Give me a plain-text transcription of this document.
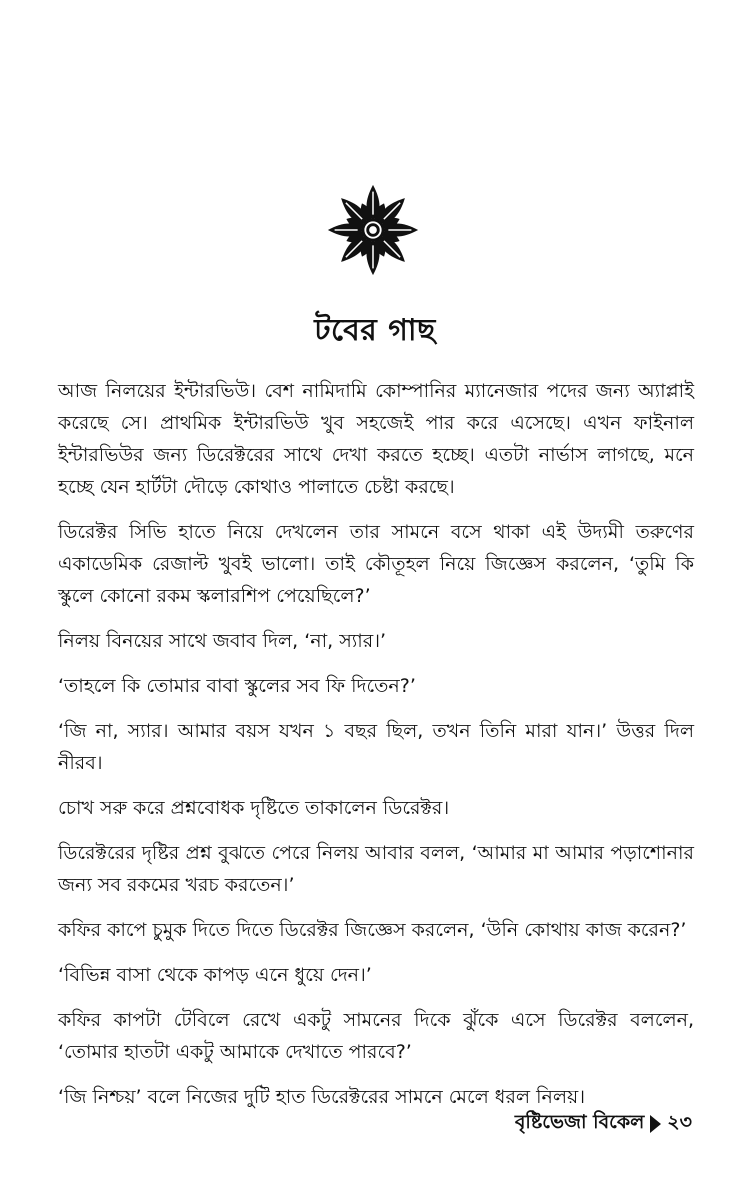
টবের গাছ

আজ নিলয়ের ইন্টারভিউ। বেশ নামিদামি কোম্পানির ম্যানেজার পদের জন্য অ্যাপ্লাই করেছে সে। প্রাথমিক ইন্টারভিউ খুব সহজেই পার করে এসেছে। এখন ফাইনাল ইন্টারভিউর জন্য ডিরেক্টরের সাথে দেখা করতে হচ্ছে। এতটা নার্ভাস লাগছে, মনে হচ্ছে যেন হার্টটা দৌড়ে কোথাও পালাতে চেষ্টা করছে।

ডিরেক্টর সিভি হাতে নিয়ে দেখলেন তার সামনে বসে থাকা এই উদ্যমী তরুণের একাডেমিক রেজাল্ট খুবই ভালো। তাই কৌতূহল নিয়ে জিজ্ঞেস করলেন, ‘তুমি কি স্কুলে কোনো রকম স্কলারশিপ পেয়েছিলে?’

নিলয় বিনয়ের সাথে জবাব দিল, ‘না, স্যার।’

‘তাহলে কি তোমার বাবা স্কুলের সব ফি দিতেন?’

‘জি না, স্যার। আমার বয়স যখন ১ বছর ছিল, তখন তিনি মারা যান।’ উত্তর দিল নীরব।

চোখ সরু করে প্রশ্নবোধক দৃষ্টিতে তাকালেন ডিরেক্টর।

ডিরেক্টরের দৃষ্টির প্রশ্ন বুঝতে পেরে নিলয় আবার বলল, ‘আমার মা আমার পড়াশোনার জন্য সব রকমের খরচ করতেন।’

কফির কাপে চুমুক দিতে দিতে ডিরেক্টর জিজ্ঞেস করলেন, ‘উনি কোথায় কাজ করেন?’

‘বিভিন্ন বাসা থেকে কাপড় এনে ধুয়ে দেন।’

কফির কাপটা টেবিলে রেখে একটু সামনের দিকে ঝুঁকে এসে ডিরেক্টর বললেন, ‘তোমার হাতটা একটু আমাকে দেখাতে পারবে?’

‘জি নিশ্চয়’ বলে নিজের দুটি হাত ডিরেক্টরের সামনে মেলে ধরল নিলয়।

বৃষ্টিভেজা বিকেল ২৩
